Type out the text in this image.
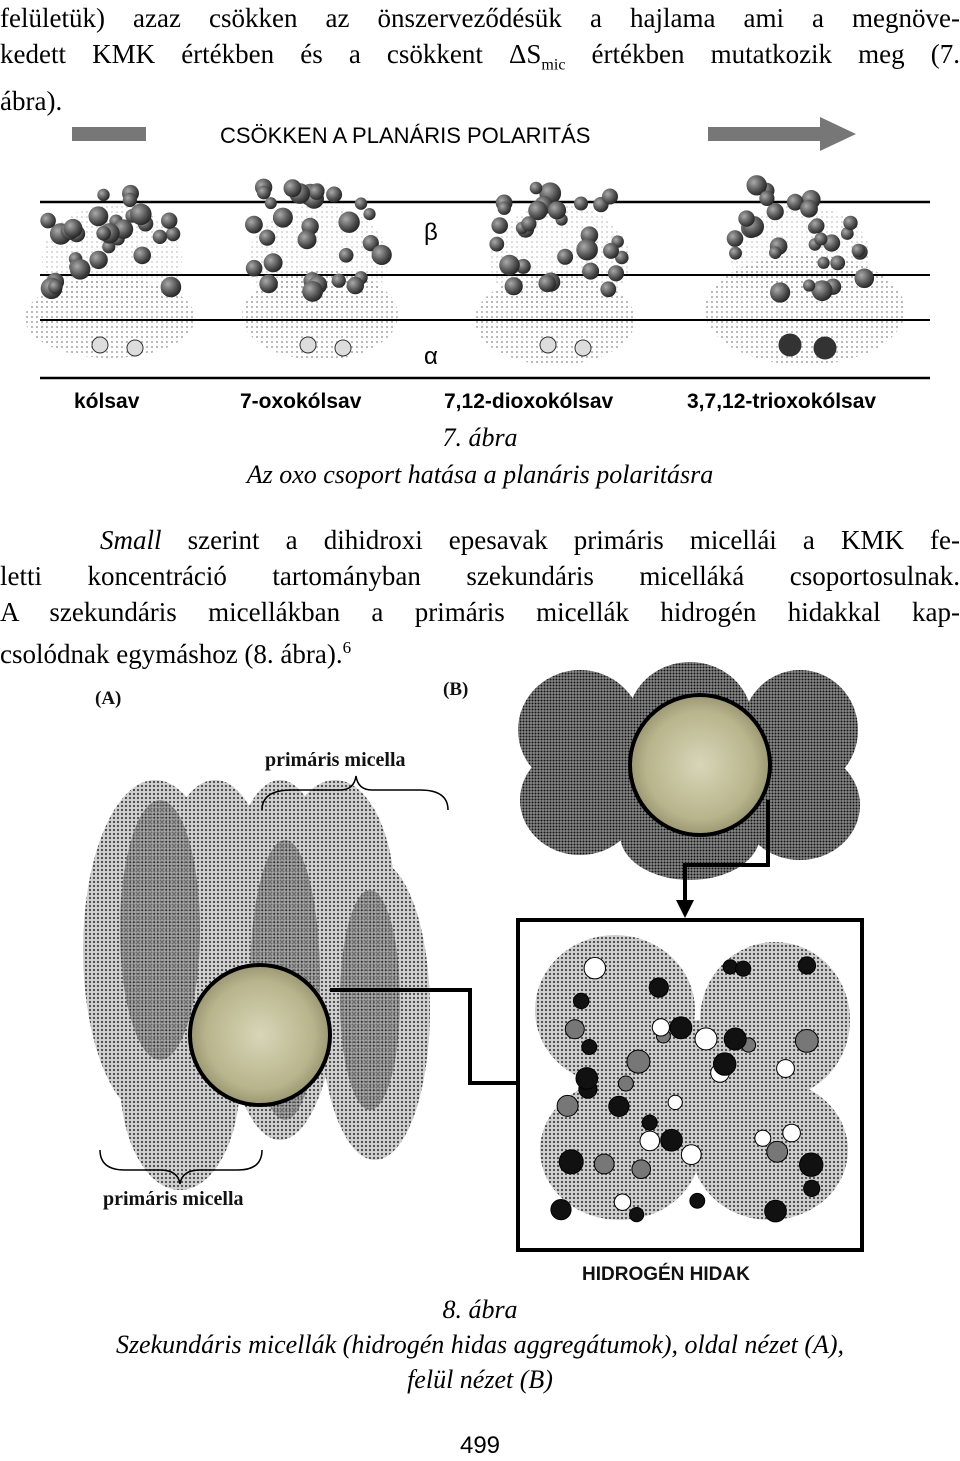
felületük) azaz csökken az önszerveződésük a hajlama ami a megnöve-
kedett KMK értékben és a csökkent $\Delta S_{mic}$ értékben mutatkozik meg (7.
ábra).
CSÖKKEN A PLANÁRIS POLARITÁS
β
α
kólsav	7-oxokólsav	7,12-dioxokólsav	3,7,12-trioxokólsav
7. ábra
Az oxo csoport hatása a planáris polaritásra
Small szerint a dihidroxi epesavak primáris micellái a KMK fe-
letti koncentráció tartományban szekundáris micelláká csoportosulnak.
A szekundáris micellákban a primáris micellák hidrogén hidakkal kap-
csolódnak egymáshoz (8. ábra).$^6$
(A)	(B)
primáris micella
primáris micella
HIDROGÉN HIDAK
8. ábra
Szekundáris micellák (hidrogén hidas aggregátumok), oldal nézet (A),
felül nézet (B)
499
